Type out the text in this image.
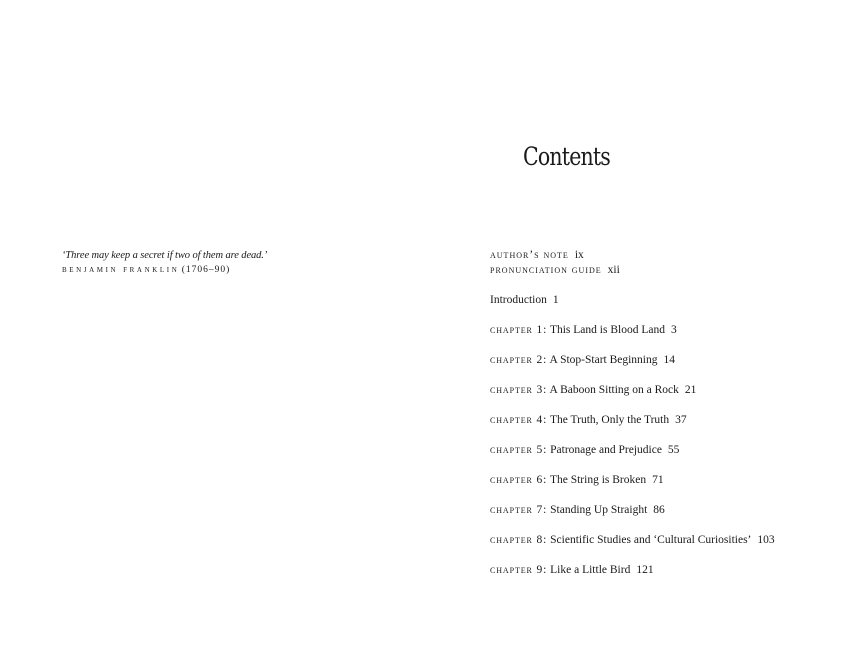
‘Three may keep a secret if two of them are dead.’
benjamin franklin (1706–90)
Contents
author’s note ix
pronunciation guide xii
Introduction 1
chapter 1: This Land is Blood Land 3
chapter 2: A Stop-Start Beginning 14
chapter 3: A Baboon Sitting on a Rock 21
chapter 4: The Truth, Only the Truth 37
chapter 5: Patronage and Prejudice 55
chapter 6: The String is Broken 71
chapter 7: Standing Up Straight 86
chapter 8: Scientific Studies and ‘Cultural Curiosities’ 103
chapter 9: Like a Little Bird 121
